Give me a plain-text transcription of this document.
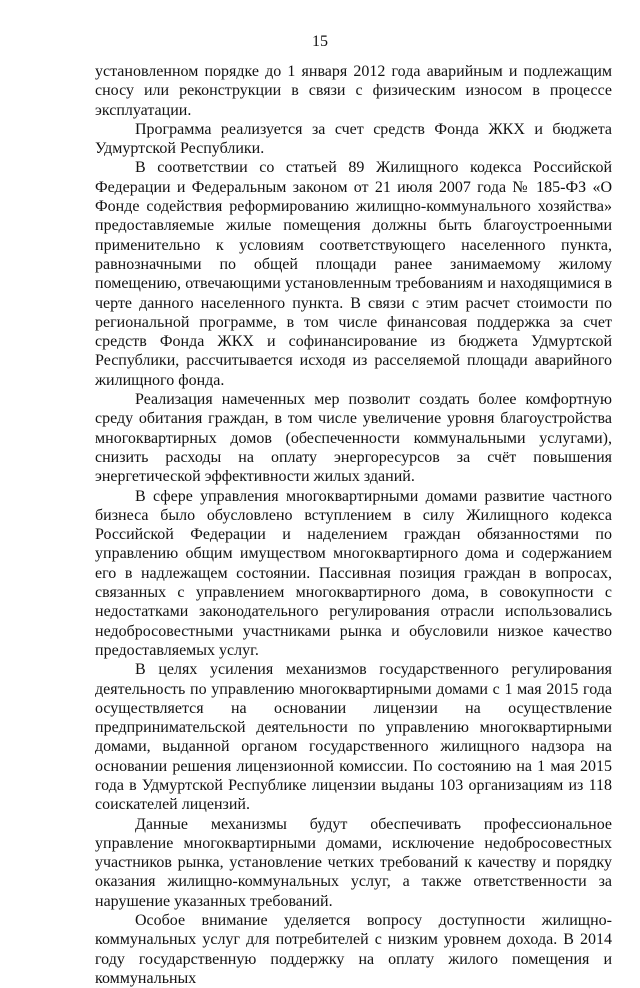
15

установленном порядке до 1 января 2012 года аварийным и подлежащим сносу или реконструкции в связи с физическим износом в процессе эксплуатации.

Программа реализуется за счет средств Фонда ЖКХ и бюджета Удмуртской Республики.

В соответствии со статьей 89 Жилищного кодекса Российской Федерации и Федеральным законом от 21 июля 2007 года № 185-ФЗ «О Фонде содействия реформированию жилищно-коммунального хозяйства» предоставляемые жилые помещения должны быть благоустроенными применительно к условиям соответствующего населенного пункта, равнозначными по общей площади ранее занимаемому жилому помещению, отвечающими установленным требованиям и находящимися в черте данного населенного пункта. В связи с этим расчет стоимости по региональной программе, в том числе финансовая поддержка за счет средств Фонда ЖКХ и софинансирование из бюджета Удмуртской Республики, рассчитывается исходя из расселяемой площади аварийного жилищного фонда.

Реализация намеченных мер позволит создать более комфортную среду обитания граждан, в том числе увеличение уровня благоустройства многоквартирных домов (обеспеченности коммунальными услугами), снизить расходы на оплату энергоресурсов за счёт повышения энергетической эффективности жилых зданий.

В сфере управления многоквартирными домами развитие частного бизнеса было обусловлено вступлением в силу Жилищного кодекса Российской Федерации и наделением граждан обязанностями по управлению общим имуществом многоквартирного дома и содержанием его в надлежащем состоянии. Пассивная позиция граждан в вопросах, связанных с управлением многоквартирного дома, в совокупности с недостатками законодательного регулирования отрасли использовались недобросовестными участниками рынка и обусловили низкое качество предоставляемых услуг.

В целях усиления механизмов государственного регулирования деятельность по управлению многоквартирными домами с 1 мая 2015 года осуществляется на основании лицензии на осуществление предпринимательской деятельности по управлению многоквартирными домами, выданной органом государственного жилищного надзора на основании решения лицензионной комиссии. По состоянию на 1 мая 2015 года в Удмуртской Республике лицензии выданы 103 организациям из 118 соискателей лицензий.

Данные механизмы будут обеспечивать профессиональное управление многоквартирными домами, исключение недобросовестных участников рынка, установление четких требований к качеству и порядку оказания жилищно-коммунальных услуг, а также ответственности за нарушение указанных требований.

Особое внимание уделяется вопросу доступности жилищно-коммунальных услуг для потребителей с низким уровнем дохода. В 2014 году государственную поддержку на оплату жилого помещения и коммунальных
